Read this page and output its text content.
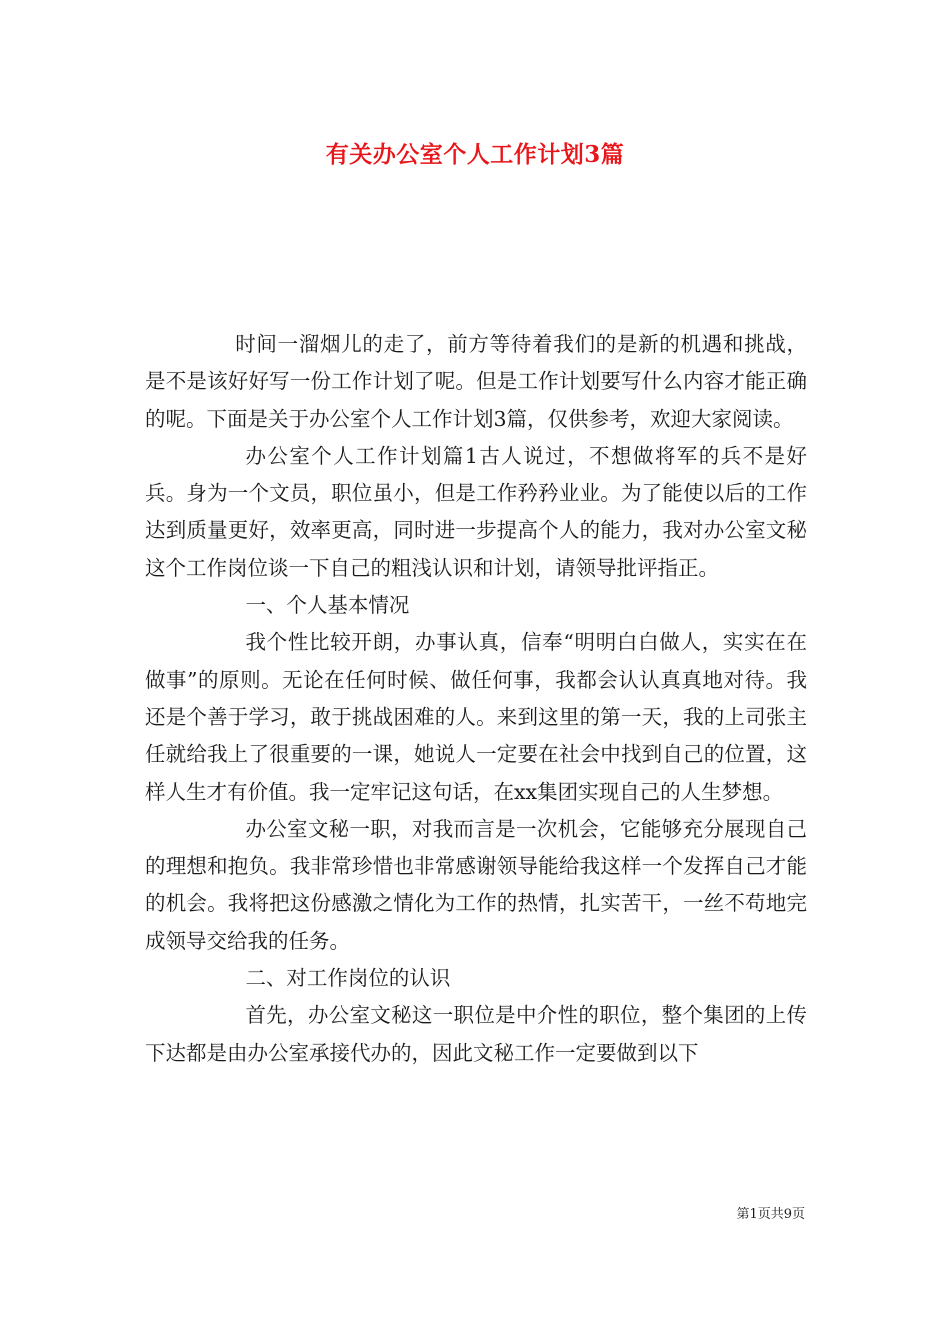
有关办公室个人工作计划3篇

时间一溜烟儿的走了，前方等待着我们的是新的机遇和挑战，是不是该好好写一份工作计划了呢。但是工作计划要写什么内容才能正确的呢。下面是关于办公室个人工作计划3篇，仅供参考，欢迎大家阅读。

办公室个人工作计划篇1古人说过，不想做将军的兵不是好兵。身为一个文员，职位虽小，但是工作矜矜业业。为了能使以后的工作达到质量更好，效率更高，同时进一步提高个人的能力，我对办公室文秘这个工作岗位谈一下自己的粗浅认识和计划，请领导批评指正。

一、个人基本情况

我个性比较开朗，办事认真，信奉“明明白白做人，实实在在做事”的原则。无论在任何时候、做任何事，我都会认认真真地对待。我还是个善于学习，敢于挑战困难的人。来到这里的第一天，我的上司张主任就给我上了很重要的一课，她说人一定要在社会中找到自己的位置，这样人生才有价值。我一定牢记这句话，在xx集团实现自己的人生梦想。

办公室文秘一职，对我而言是一次机会，它能够充分展现自己的理想和抱负。我非常珍惜也非常感谢领导能给我这样一个发挥自己才能的机会。我将把这份感激之情化为工作的热情，扎实苦干，一丝不苟地完成领导交给我的任务。

二、对工作岗位的认识

首先，办公室文秘这一职位是中介性的职位，整个集团的上传下达都是由办公室承接代办的，因此文秘工作一定要做到以下

第1页共9页
